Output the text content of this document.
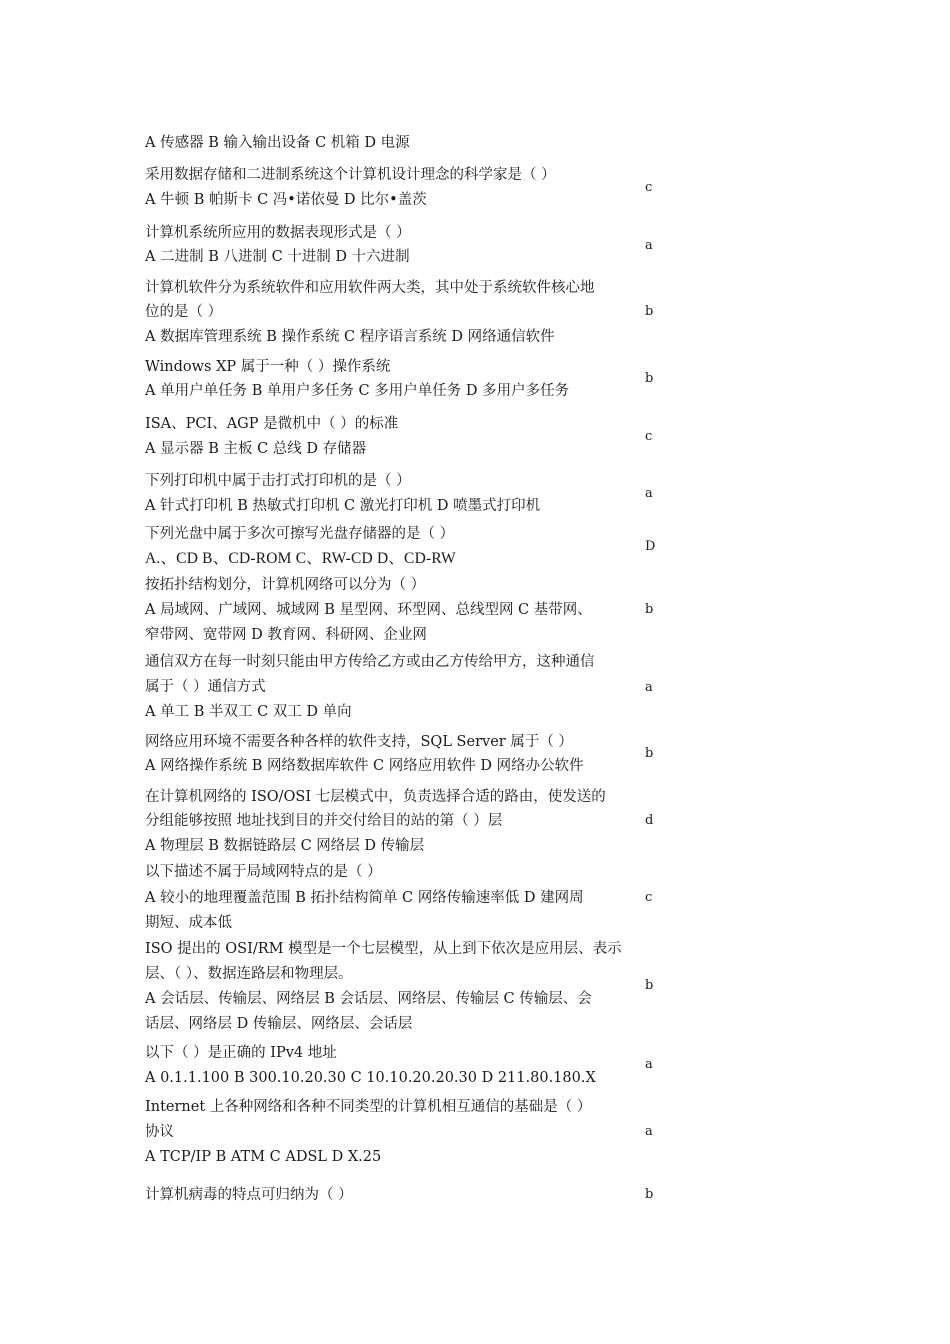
A 传感器 B 输入输出设备 C 机箱 D 电源
采用数据存储和二进制系统这个计算机设计理念的科学家是（ ）
A 牛顿 B 帕斯卡 C 冯•诺依曼 D 比尔•盖茨
c
计算机系统所应用的数据表现形式是（ ）
A 二进制 B 八进制 C 十进制 D 十六进制
a
计算机软件分为系统软件和应用软件两大类，其中处于系统软件核心地
位的是（ ）
A 数据库管理系统 B 操作系统 C 程序语言系统 D 网络通信软件
b
Windows XP 属于一种（ ）操作系统
A 单用户单任务 B 单用户多任务 C 多用户单任务 D 多用户多任务
b
ISA、PCI、AGP 是微机中（ ）的标准
A 显示器 B 主板 C 总线 D 存储器
c
下列打印机中属于击打式打印机的是（ ）
A 针式打印机 B 热敏式打印机 C 激光打印机 D 喷墨式打印机
a
下列光盘中属于多次可擦写光盘存储器的是（ ）
A.、CD B、CD-ROM C、RW-CD D、CD-RW
D
按拓扑结构划分，计算机网络可以分为（ ）
A 局域网、广域网、城域网 B 星型网、环型网、总线型网 C 基带网、
窄带网、宽带网 D 教育网、科研网、企业网
b
通信双方在每一时刻只能由甲方传给乙方或由乙方传给甲方，这种通信
属于（ ）通信方式
A 单工 B 半双工 C 双工 D 单向
a
网络应用环境不需要各种各样的软件支持，SQL Server 属于（ ）
A 网络操作系统 B 网络数据库软件 C 网络应用软件 D 网络办公软件
b
在计算机网络的 ISO/OSI 七层模式中，负责选择合适的路由，使发送的
分组能够按照 地址找到目的并交付给目的站的第（ ）层
A 物理层 B 数据链路层 C 网络层 D 传输层
d
以下描述不属于局域网特点的是（ ）
A 较小的地理覆盖范围 B 拓扑结构简单 C 网络传输速率低 D 建网周
期短、成本低
c
ISO 提出的 OSI/RM 模型是一个七层模型，从上到下依次是应用层、表示
层、（ ）、数据连路层和物理层。
A 会话层、传输层、网络层 B 会话层、网络层、传输层 C 传输层、会
话层、网络层 D 传输层、网络层、会话层
b
以下（ ）是正确的 IPv4 地址
A 0.1.1.100 B 300.10.20.30 C 10.10.20.20.30 D 211.80.180.X
a
Internet 上各种网络和各种不同类型的计算机相互通信的基础是（ ）
协议
A TCP/IP B ATM C ADSL D X.25
a
计算机病毒的特点可归纳为（ ）	b
